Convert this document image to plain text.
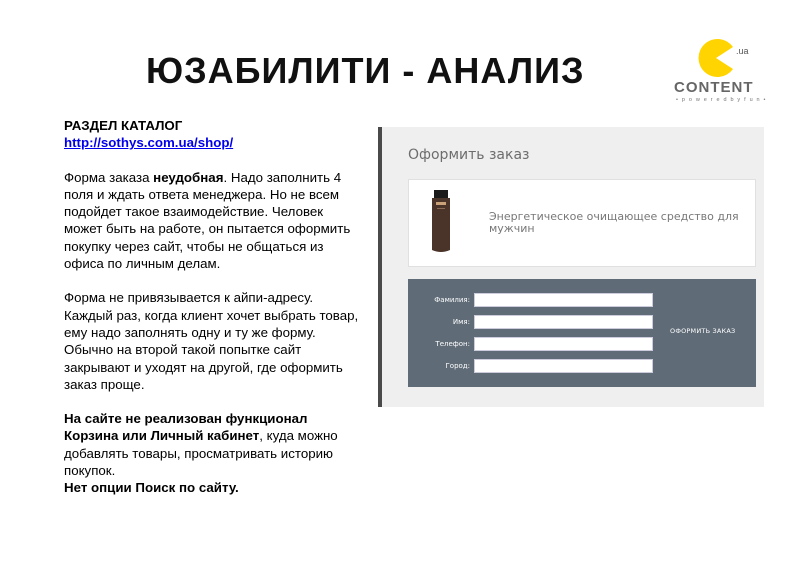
ЮЗАБИЛИТИ - АНАЛИЗ	.ua
CONTENT
• p o w e r e d b y f u n •
РАЗДЕЛ КАТАЛОГ
http://sothys.com.ua/shop/

Форма заказа неудобная. Надо заполнить 4 поля и ждать ответа менеджера. Но не всем подойдет такое взаимодействие. Человек может быть на работе, он пытается оформить покупку через сайт, чтобы не общаться из офиса по личным делам.

Форма не привязывается к айпи-адресу. Каждый раз, когда клиент хочет выбрать товар, ему надо заполнять одну и ту же форму. Обычно на второй такой попытке сайт закрывают и уходят на другой, где оформить заказ проще.

На сайте не реализован функционал Корзина или Личный кабинет, куда можно добавлять товары, просматривать историю покупок.

Нет опции Поиск по сайту.

Оформить заказ
Энергетическое очищающее средство для мужчин
Фамилия:
Имя:
Телефон:
Город:
ОФОРМИТЬ ЗАКАЗ
